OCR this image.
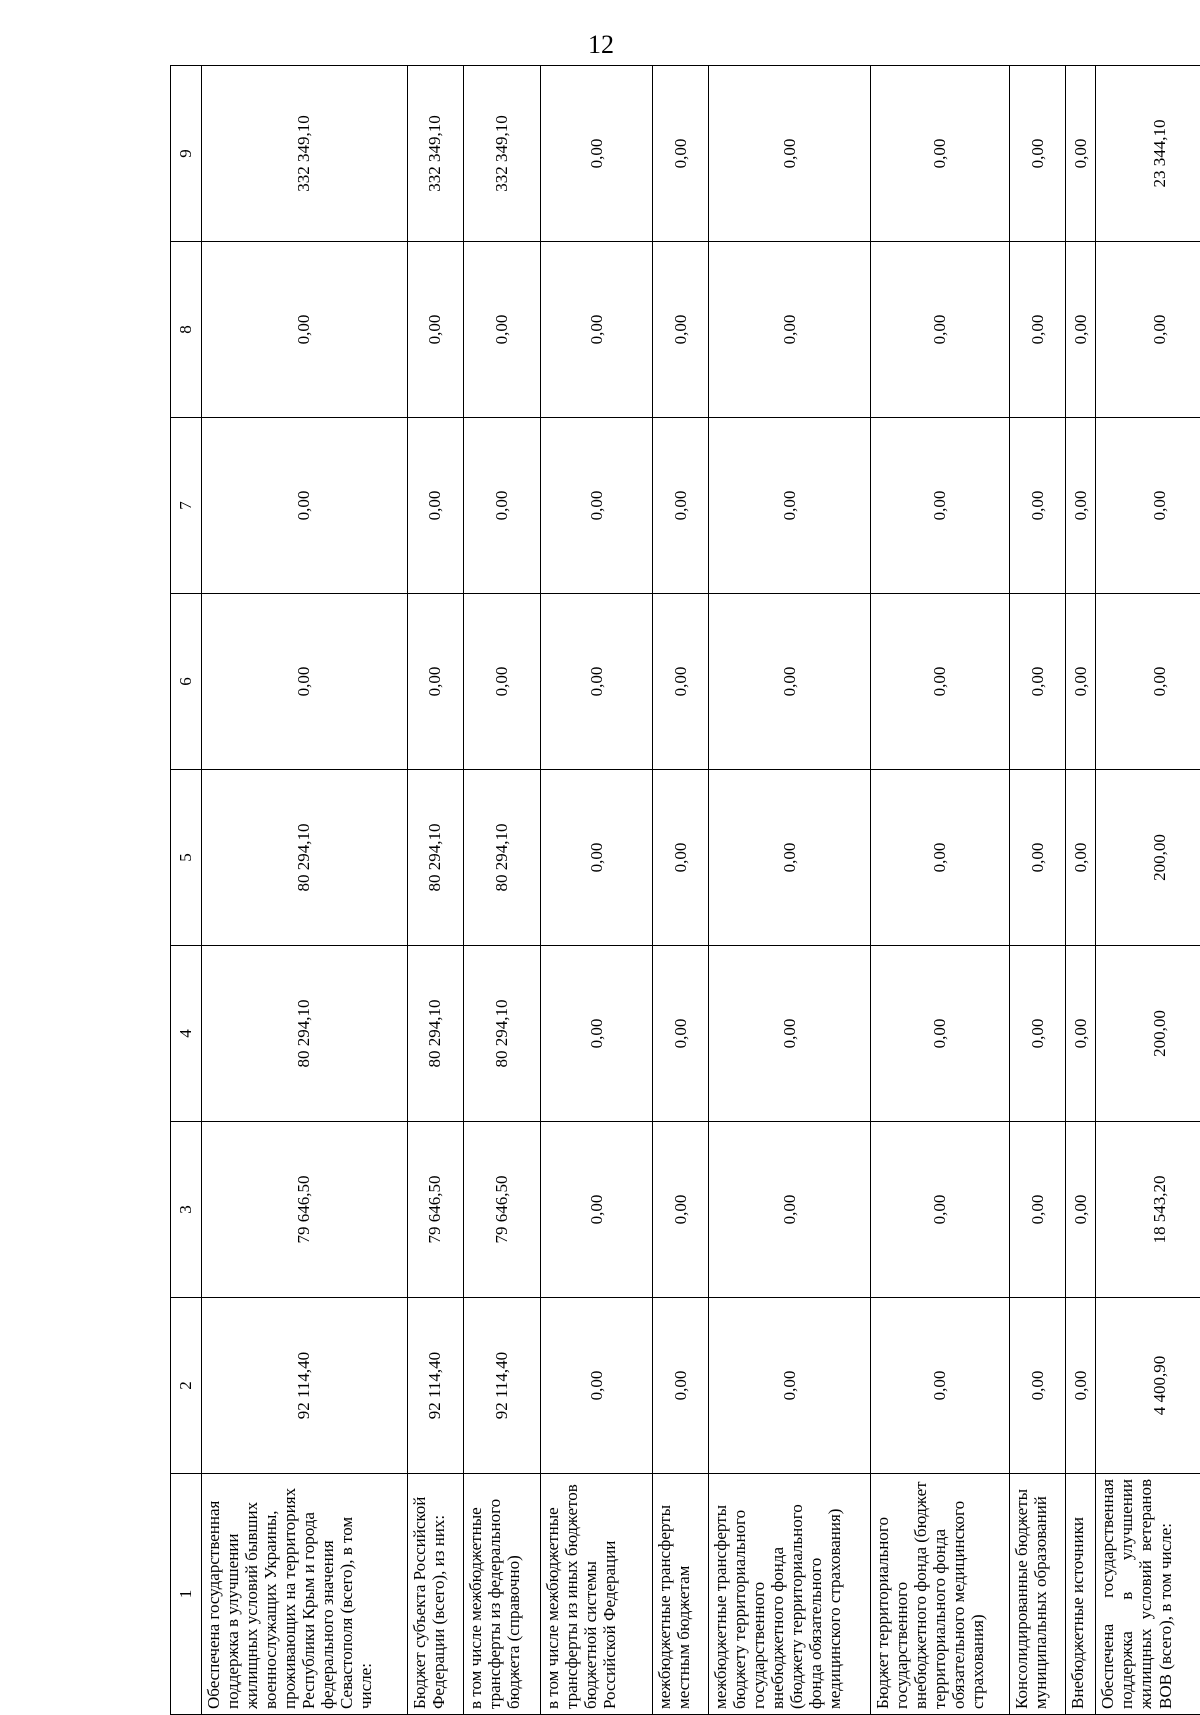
12
1	2	3	4	5	6	7	8	9
Обеспечена государственная поддержка в улучшении жилищных условий бывших военнослужащих Украины, проживающих на территориях Республики Крым и города федерального значения Севастополя (всего), в том числе:	92 114,40	79 646,50	80 294,10	80 294,10	0,00	0,00	0,00	332 349,10
Бюджет субъекта Российской Федерации (всего), из них:	92 114,40	79 646,50	80 294,10	80 294,10	0,00	0,00	0,00	332 349,10
в том числе межбюджетные трансферты из федерального бюджета (справочно)	92 114,40	79 646,50	80 294,10	80 294,10	0,00	0,00	0,00	332 349,10
в том числе межбюджетные трансферты из иных бюджетов бюджетной системы Российской Федерации	0,00	0,00	0,00	0,00	0,00	0,00	0,00	0,00
межбюджетные трансферты местным бюджетам	0,00	0,00	0,00	0,00	0,00	0,00	0,00	0,00
межбюджетные трансферты бюджету территориального государственного внебюджетного фонда (бюджету территориального фонда обязательного медицинского страхования)	0,00	0,00	0,00	0,00	0,00	0,00	0,00	0,00
Бюджет территориального государственного внебюджетного фонда (бюджет территориального фонда обязательного медицинского страхования)	0,00	0,00	0,00	0,00	0,00	0,00	0,00	0,00
Консолидированные бюджеты муниципальных образований	0,00	0,00	0,00	0,00	0,00	0,00	0,00	0,00
Внебюджетные источники	0,00	0,00	0,00	0,00	0,00	0,00	0,00	0,00
Обеспечена государственная поддержка в улучшении жилищных условий ветеранов ВОВ (всего), в том числе:	4 400,90	18 543,20	200,00	200,00	0,00	0,00	0,00	23 344,10
